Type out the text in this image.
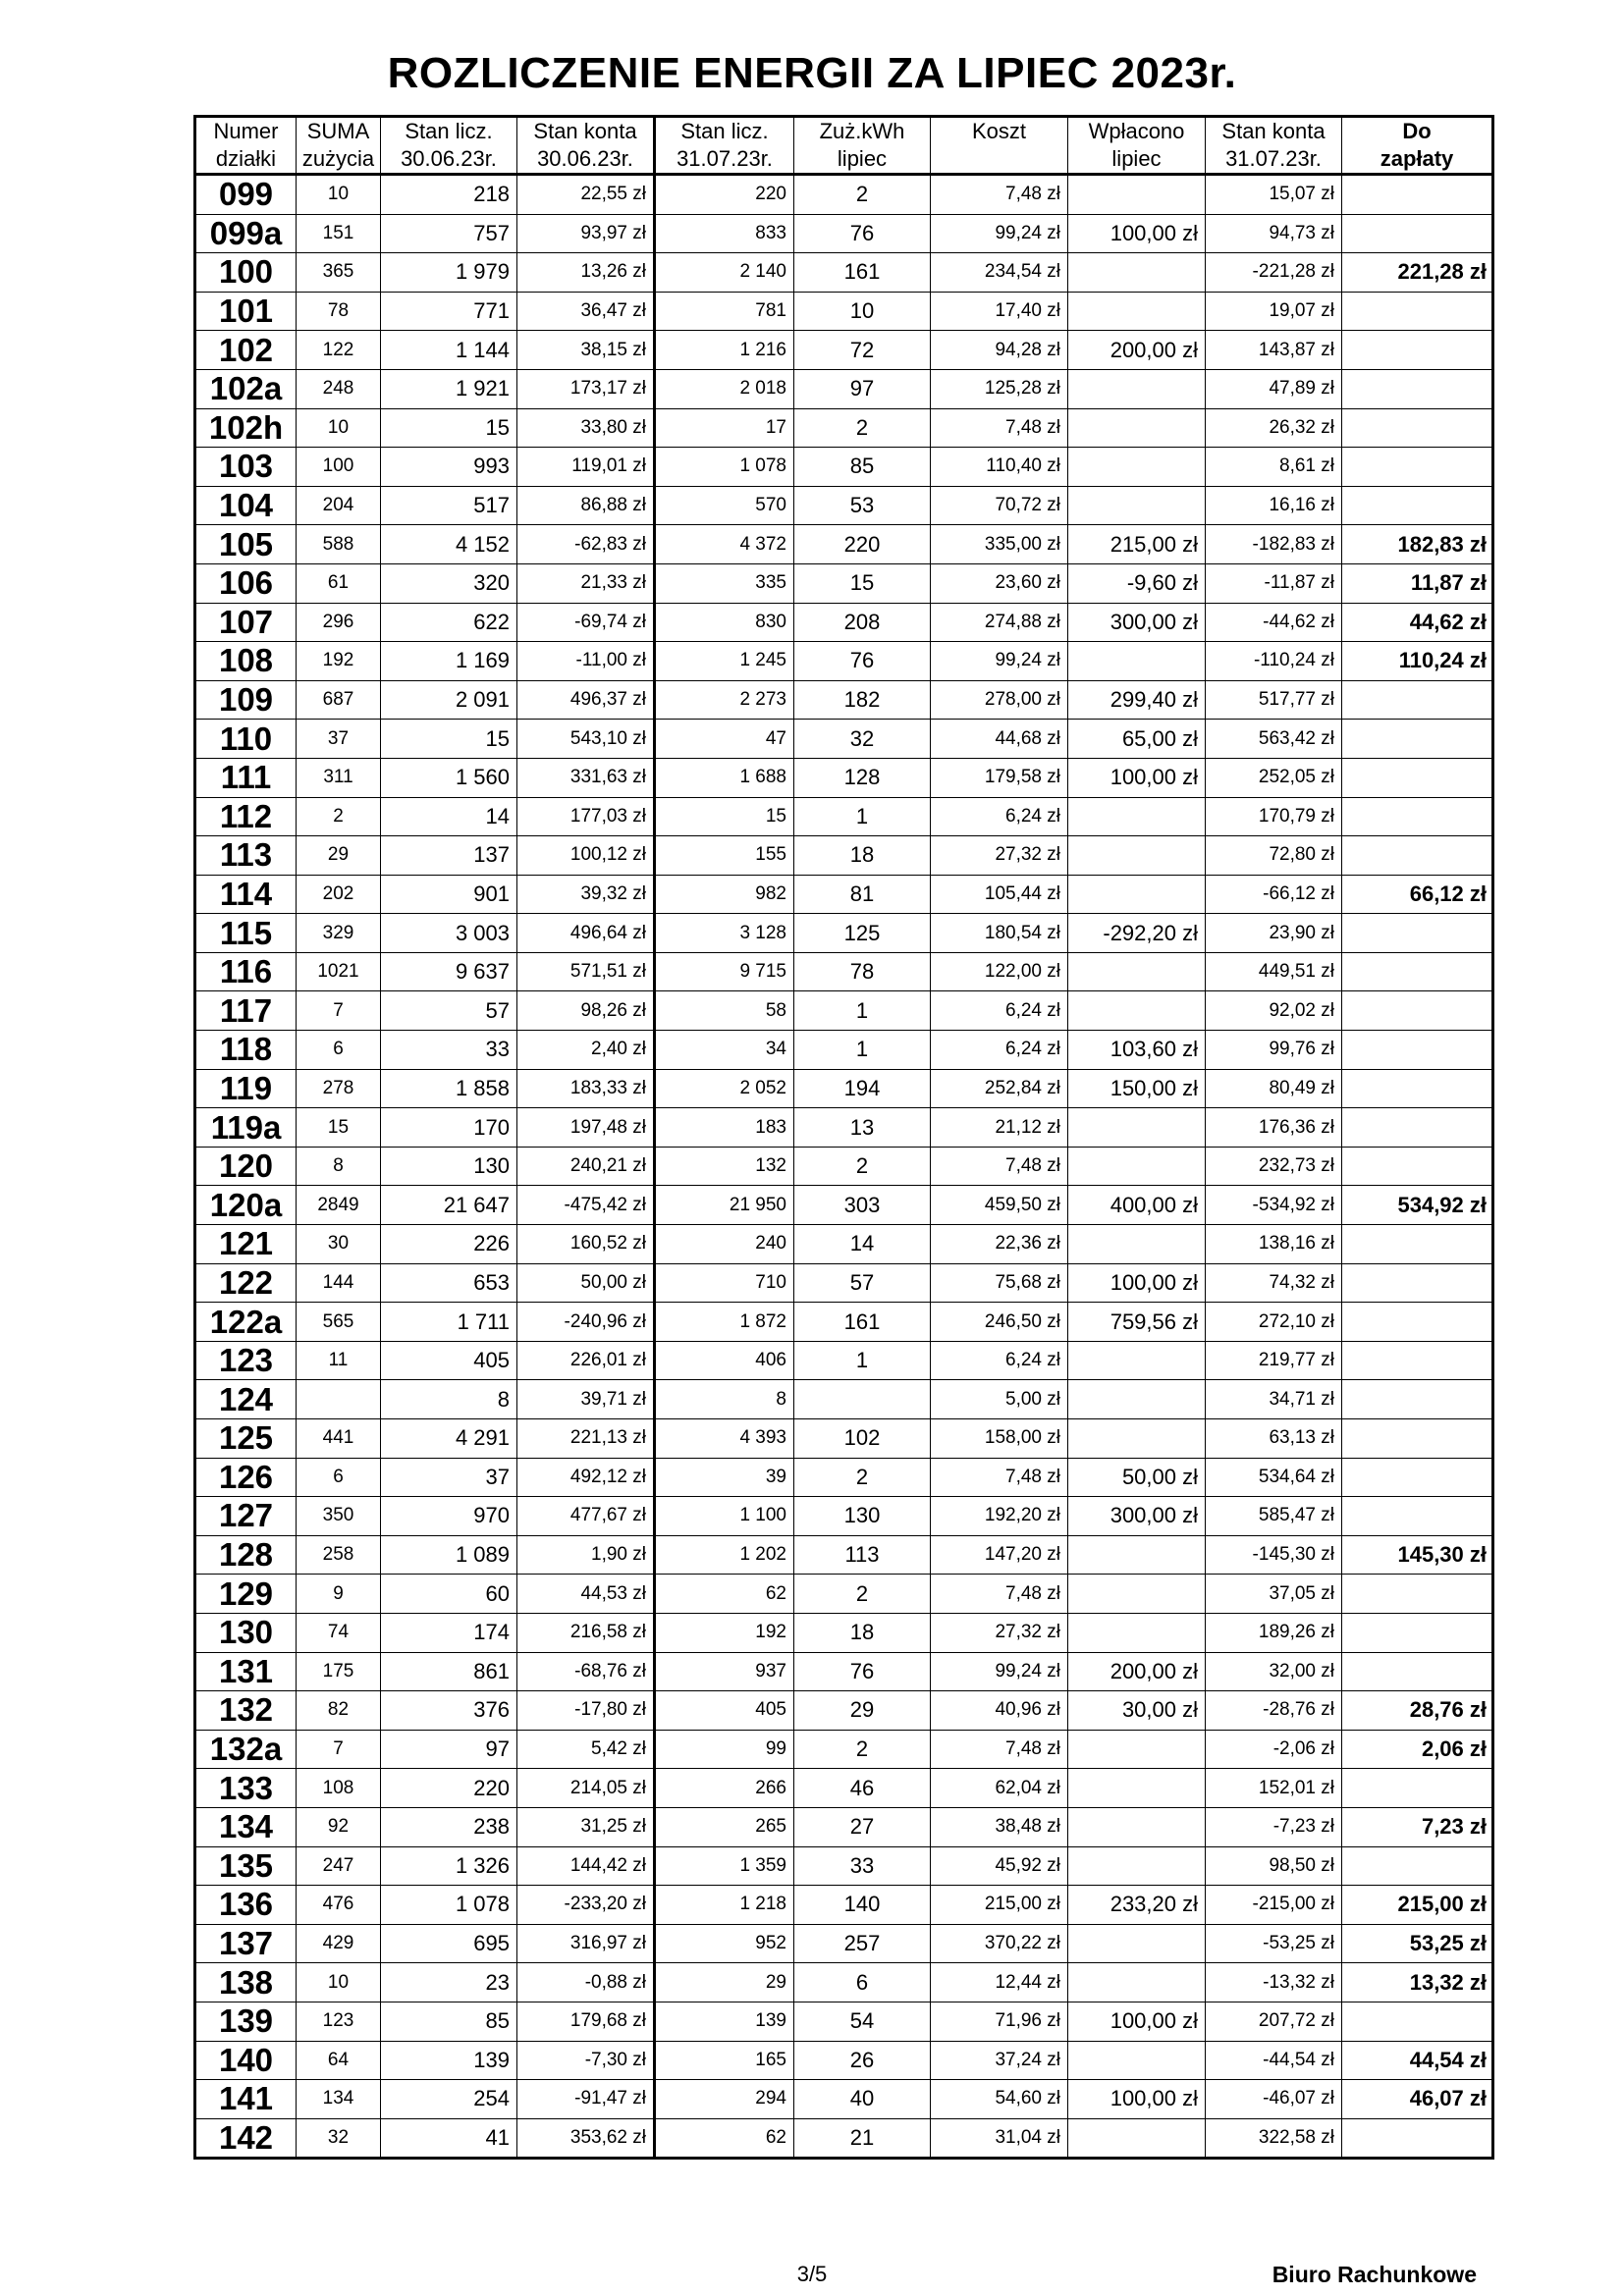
ROZLICZENIE ENERGII ZA LIPIEC 2023r.
Numer	SUMA	Stan licz.	Stan konta	Stan licz.	Zuż.kWh	Koszt	Wpłacono	Stan konta	Do
działki	zużycia	30.06.23r.	30.06.23r.	31.07.23r.	lipiec		lipiec	31.07.23r.	zapłaty
099	10	218	22,55 zł	220	2	7,48 zł		15,07 zł	
099a	151	757	93,97 zł	833	76	99,24 zł	100,00 zł	94,73 zł	
100	365	1 979	13,26 zł	2 140	161	234,54 zł		-221,28 zł	221,28 zł
101	78	771	36,47 zł	781	10	17,40 zł		19,07 zł	
102	122	1 144	38,15 zł	1 216	72	94,28 zł	200,00 zł	143,87 zł	
102a	248	1 921	173,17 zł	2 018	97	125,28 zł		47,89 zł	
102h	10	15	33,80 zł	17	2	7,48 zł		26,32 zł	
103	100	993	119,01 zł	1 078	85	110,40 zł		8,61 zł	
104	204	517	86,88 zł	570	53	70,72 zł		16,16 zł	
105	588	4 152	-62,83 zł	4 372	220	335,00 zł	215,00 zł	-182,83 zł	182,83 zł
106	61	320	21,33 zł	335	15	23,60 zł	-9,60 zł	-11,87 zł	11,87 zł
107	296	622	-69,74 zł	830	208	274,88 zł	300,00 zł	-44,62 zł	44,62 zł
108	192	1 169	-11,00 zł	1 245	76	99,24 zł		-110,24 zł	110,24 zł
109	687	2 091	496,37 zł	2 273	182	278,00 zł	299,40 zł	517,77 zł	
110	37	15	543,10 zł	47	32	44,68 zł	65,00 zł	563,42 zł	
111	311	1 560	331,63 zł	1 688	128	179,58 zł	100,00 zł	252,05 zł	
112	2	14	177,03 zł	15	1	6,24 zł		170,79 zł	
113	29	137	100,12 zł	155	18	27,32 zł		72,80 zł	
114	202	901	39,32 zł	982	81	105,44 zł		-66,12 zł	66,12 zł
115	329	3 003	496,64 zł	3 128	125	180,54 zł	-292,20 zł	23,90 zł	
116	1021	9 637	571,51 zł	9 715	78	122,00 zł		449,51 zł	
117	7	57	98,26 zł	58	1	6,24 zł		92,02 zł	
118	6	33	2,40 zł	34	1	6,24 zł	103,60 zł	99,76 zł	
119	278	1 858	183,33 zł	2 052	194	252,84 zł	150,00 zł	80,49 zł	
119a	15	170	197,48 zł	183	13	21,12 zł		176,36 zł	
120	8	130	240,21 zł	132	2	7,48 zł		232,73 zł	
120a	2849	21 647	-475,42 zł	21 950	303	459,50 zł	400,00 zł	-534,92 zł	534,92 zł
121	30	226	160,52 zł	240	14	22,36 zł		138,16 zł	
122	144	653	50,00 zł	710	57	75,68 zł	100,00 zł	74,32 zł	
122a	565	1 711	-240,96 zł	1 872	161	246,50 zł	759,56 zł	272,10 zł	
123	11	405	226,01 zł	406	1	6,24 zł		219,77 zł	
124		8	39,71 zł	8		5,00 zł		34,71 zł	
125	441	4 291	221,13 zł	4 393	102	158,00 zł		63,13 zł	
126	6	37	492,12 zł	39	2	7,48 zł	50,00 zł	534,64 zł	
127	350	970	477,67 zł	1 100	130	192,20 zł	300,00 zł	585,47 zł	
128	258	1 089	1,90 zł	1 202	113	147,20 zł		-145,30 zł	145,30 zł
129	9	60	44,53 zł	62	2	7,48 zł		37,05 zł	
130	74	174	216,58 zł	192	18	27,32 zł		189,26 zł	
131	175	861	-68,76 zł	937	76	99,24 zł	200,00 zł	32,00 zł	
132	82	376	-17,80 zł	405	29	40,96 zł	30,00 zł	-28,76 zł	28,76 zł
132a	7	97	5,42 zł	99	2	7,48 zł		-2,06 zł	2,06 zł
133	108	220	214,05 zł	266	46	62,04 zł		152,01 zł	
134	92	238	31,25 zł	265	27	38,48 zł		-7,23 zł	7,23 zł
135	247	1 326	144,42 zł	1 359	33	45,92 zł		98,50 zł	
136	476	1 078	-233,20 zł	1 218	140	215,00 zł	233,20 zł	-215,00 zł	215,00 zł
137	429	695	316,97 zł	952	257	370,22 zł		-53,25 zł	53,25 zł
138	10	23	-0,88 zł	29	6	12,44 zł		-13,32 zł	13,32 zł
139	123	85	179,68 zł	139	54	71,96 zł	100,00 zł	207,72 zł	
140	64	139	-7,30 zł	165	26	37,24 zł		-44,54 zł	44,54 zł
141	134	254	-91,47 zł	294	40	54,60 zł	100,00 zł	-46,07 zł	46,07 zł
142	32	41	353,62 zł	62	21	31,04 zł		322,58 zł	
3/5	Biuro Rachunkowe
